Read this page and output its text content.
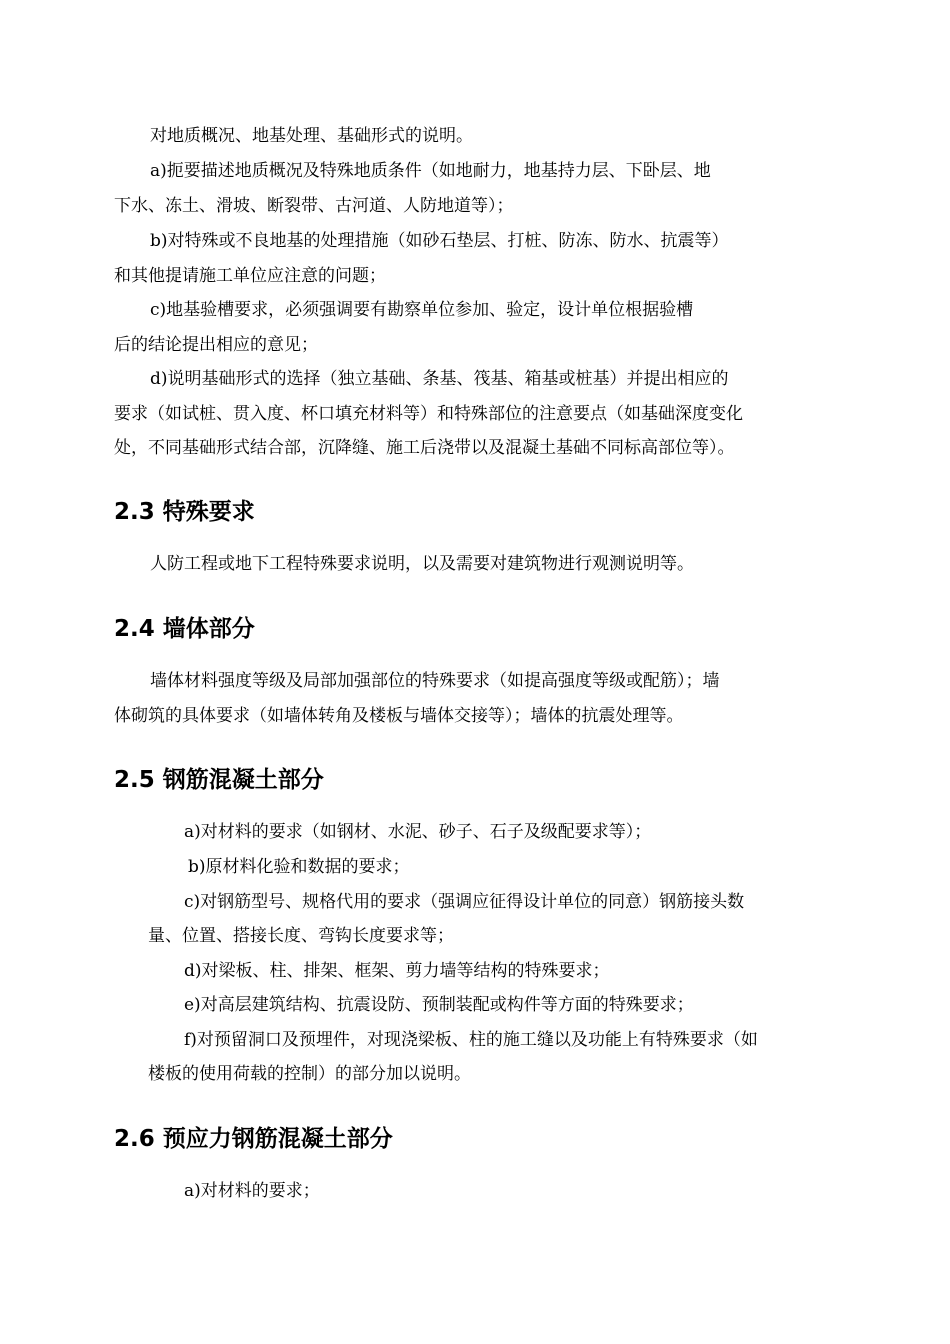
对地质概况、地基处理、基础形式的说明。

a)扼要描述地质概况及特殊地质条件（如地耐力，地基持力层、下卧层、地

下水、冻土、滑坡、断裂带、古河道、人防地道等）；

b)对特殊或不良地基的处理措施（如砂石垫层、打桩、防冻、防水、抗震等）

和其他提请施工单位应注意的问题；

c)地基验槽要求，必须强调要有勘察单位参加、验定，设计单位根据验槽

后的结论提出相应的意见；

d)说明基础形式的选择（独立基础、条基、筏基、箱基或桩基）并提出相应的

要求（如试桩、贯入度、杯口填充材料等）和特殊部位的注意要点（如基础深度变化

处，不同基础形式结合部，沉降缝、施工后浇带以及混凝土基础不同标高部位等）。

2.3 特殊要求

人防工程或地下工程特殊要求说明，以及需要对建筑物进行观测说明等。

2.4 墙体部分

墙体材料强度等级及局部加强部位的特殊要求（如提高强度等级或配筋）；墙

体砌筑的具体要求（如墙体转角及楼板与墙体交接等）；墙体的抗震处理等。

2.5 钢筋混凝土部分

a)对材料的要求（如钢材、水泥、砂子、石子及级配要求等）；

b)原材料化验和数据的要求；

c)对钢筋型号、规格代用的要求（强调应征得设计单位的同意）钢筋接头数

量、位置、搭接长度、弯钩长度要求等；

d)对梁板、柱、排架、框架、剪力墙等结构的特殊要求；

e)对高层建筑结构、抗震设防、预制装配或构件等方面的特殊要求；

f)对预留洞口及预埋件，对现浇梁板、柱的施工缝以及功能上有特殊要求（如

楼板的使用荷载的控制）的部分加以说明。

2.6 预应力钢筋混凝土部分

a)对材料的要求；
